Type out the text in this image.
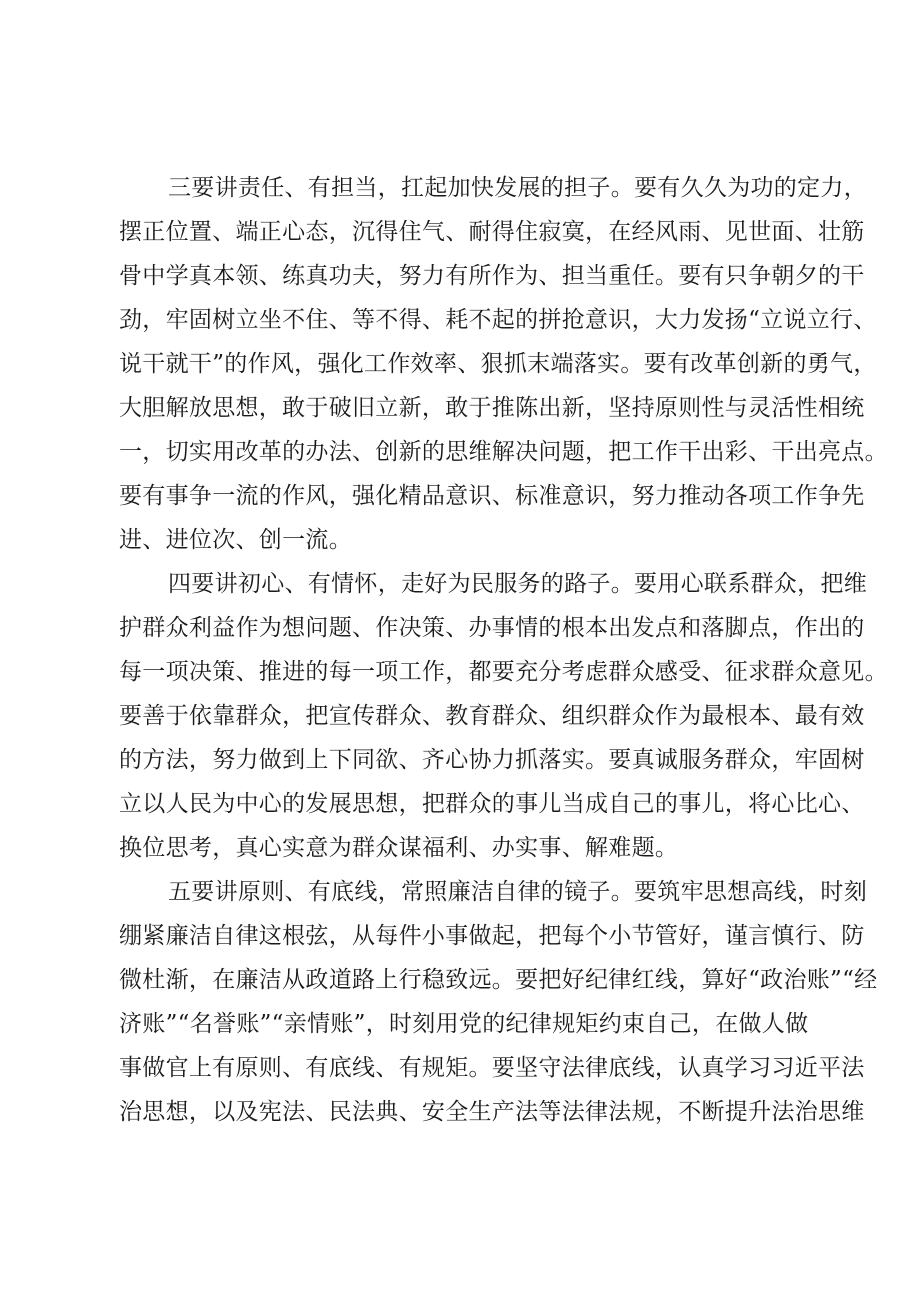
三要讲责任、有担当，扛起加快发展的担子。要有久久为功的定力，
摆正位置、端正心态，沉得住气、耐得住寂寞，在经风雨、见世面、壮筋
骨中学真本领、练真功夫，努力有所作为、担当重任。要有只争朝夕的干
劲，牢固树立坐不住、等不得、耗不起的拼抢意识，大力发扬“立说立行、
说干就干”的作风，强化工作效率、狠抓末端落实。要有改革创新的勇气，
大胆解放思想，敢于破旧立新，敢于推陈出新，坚持原则性与灵活性相统
一，切实用改革的办法、创新的思维解决问题，把工作干出彩、干出亮点。
要有事争一流的作风，强化精品意识、标准意识，努力推动各项工作争先
进、进位次、创一流。
四要讲初心、有情怀，走好为民服务的路子。要用心联系群众，把维
护群众利益作为想问题、作决策、办事情的根本出发点和落脚点，作出的
每一项决策、推进的每一项工作，都要充分考虑群众感受、征求群众意见。
要善于依靠群众，把宣传群众、教育群众、组织群众作为最根本、最有效
的方法，努力做到上下同欲、齐心协力抓落实。要真诚服务群众，牢固树
立以人民为中心的发展思想，把群众的事儿当成自己的事儿，将心比心、
换位思考，真心实意为群众谋福利、办实事、解难题。
五要讲原则、有底线，常照廉洁自律的镜子。要筑牢思想高线，时刻
绷紧廉洁自律这根弦，从每件小事做起，把每个小节管好，谨言慎行、防
微杜渐，在廉洁从政道路上行稳致远。要把好纪律红线，算好“政治账”“经
济账”“名誉账”“亲情账”，时刻用党的纪律规矩约束自己，在做人做
事做官上有原则、有底线、有规矩。要坚守法律底线，认真学习习近平法
治思想，以及宪法、民法典、安全生产法等法律法规，不断提升法治思维
